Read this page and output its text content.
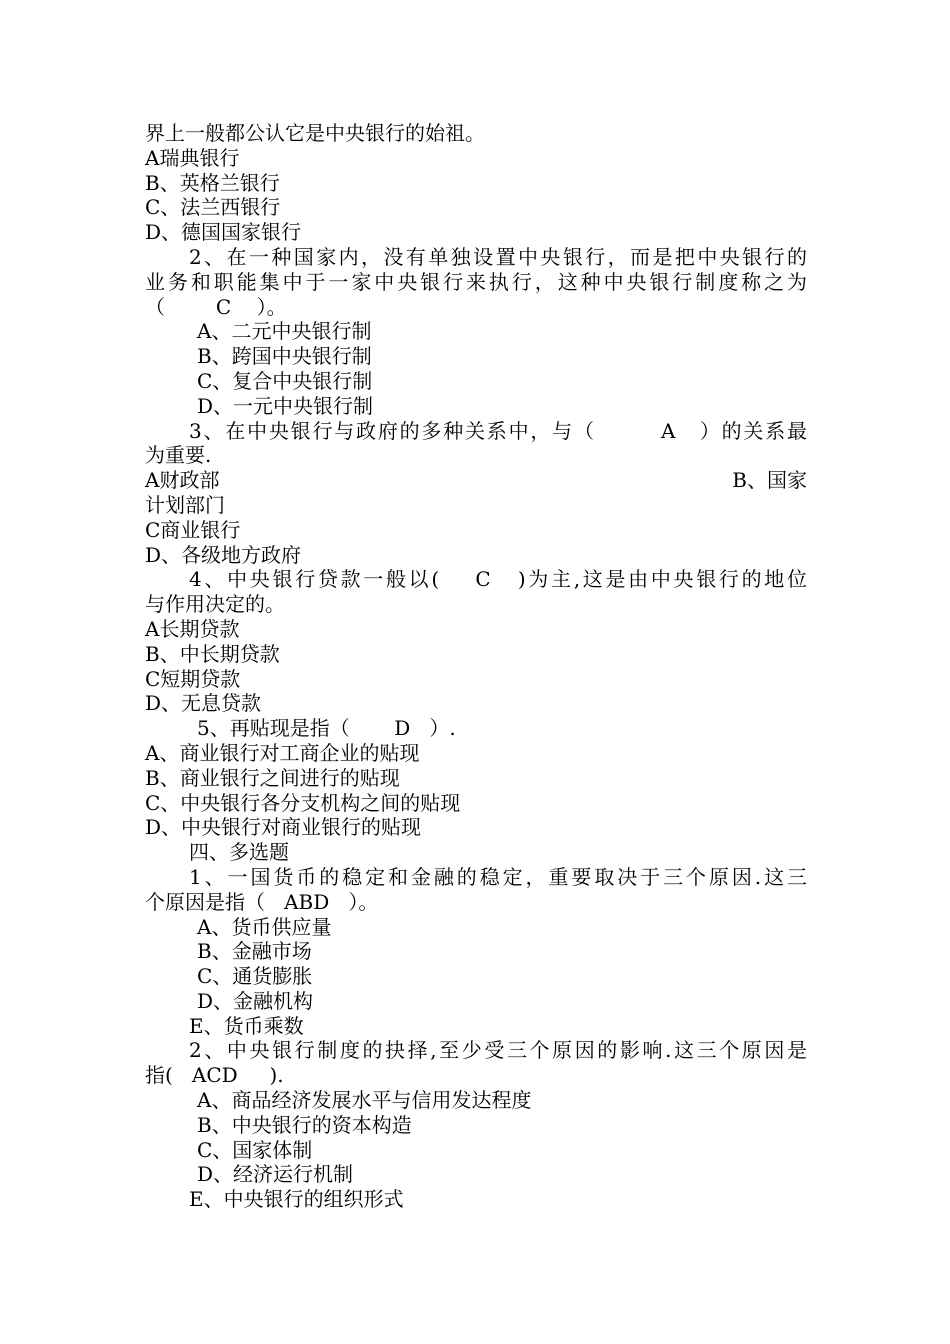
界上一般都公认它是中央银行的始祖。
A瑞典银行
B、英格兰银行
C、法兰西银行
D、德国国家银行
2、在一种国家内，没有单独设置中央银行，而是把中央银行的
业务和职能集中于一家中央银行来执行，这种中央银行制度称之为
（        C    ）。
A、二元中央银行制
B、跨国中央银行制
C、复合中央银行制
D、一元中央银行制
3、在中央银行与政府的多种关系中，与（        A   ）的关系最
为重要.
A财政部	B、国家
计划部门
C商业银行
D、各级地方政府
4、中央银行贷款一般以(    C   )为主,这是由中央银行的地位
与作用决定的。
A长期贷款
B、中长期贷款
C短期贷款
D、无息贷款
5、再贴现是指（       D   ）.
A、商业银行对工商企业的贴现
B、商业银行之间进行的贴现
C、中央银行各分支机构之间的贴现
D、中央银行对商业银行的贴现
四、多选题
1、一国货币的稳定和金融的稳定，重要取决于三个原因.这三
个原因是指（   ABD   ）。
A、货币供应量
B、金融市场
C、通货膨胀
D、金融机构
E、货币乘数
2、中央银行制度的抉择,至少受三个原因的影响.这三个原因是
指(   ACD     ).
A、商品经济发展水平与信用发达程度
B、中央银行的资本构造
C、国家体制
D、经济运行机制
E、中央银行的组织形式
